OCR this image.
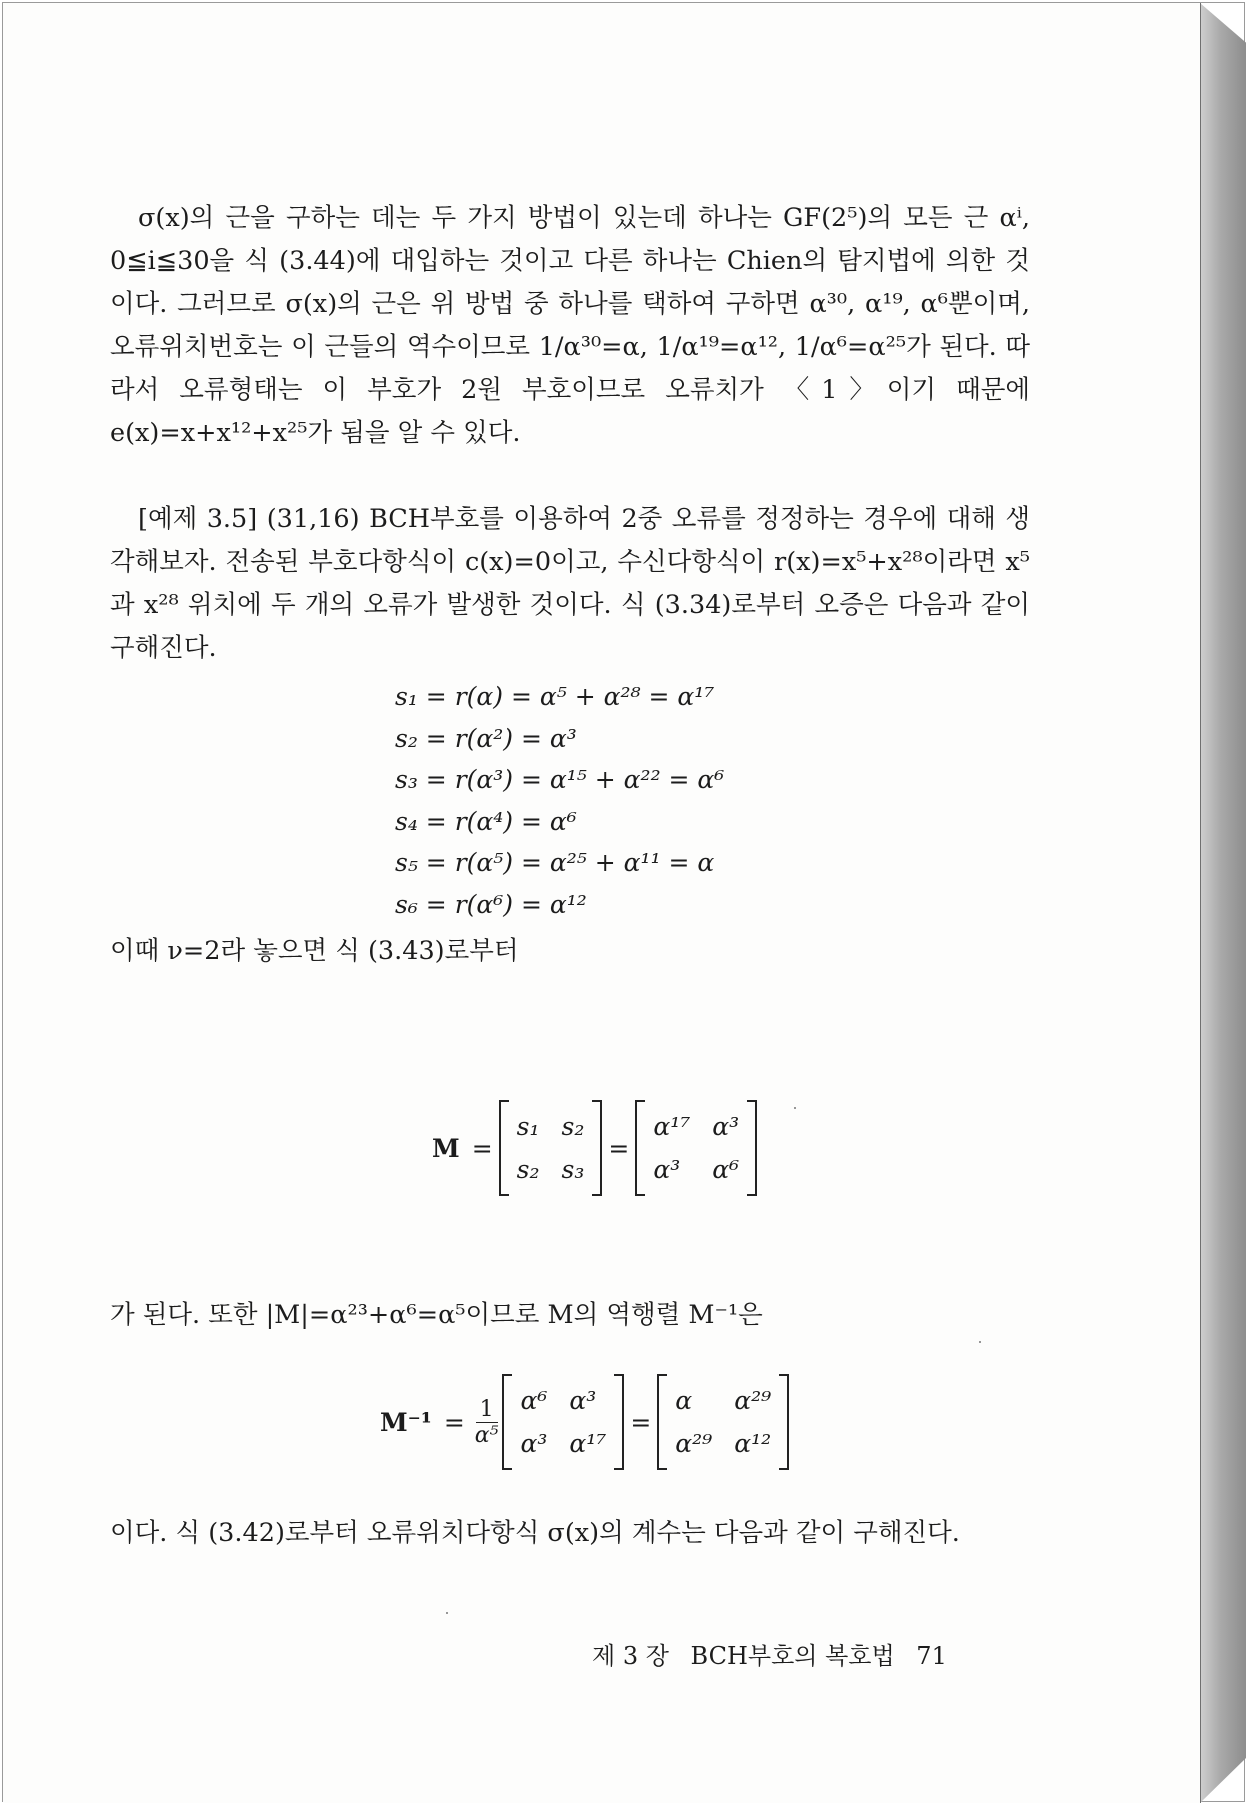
σ(x)의 근을 구하는 데는 두 가지 방법이 있는데 하나는 GF(2⁵)의 모든 근 αⁱ, 0≦i≦30을 식 (3.44)에 대입하는 것이고 다른 하나는 Chien의 탐지법에 의한 것이다. 그러므로 σ(x)의 근은 위 방법 중 하나를 택하여 구하면 α³⁰, α¹⁹, α⁶뿐이며, 오류위치번호는 이 근들의 역수이므로 1/α³⁰=α, 1/α¹⁹=α¹², 1/α⁶=α²⁵가 된다. 따라서 오류형태는 이 부호가 2원 부호이므로 오류치가 〈1〉이기 때문에 e(x)=x+x¹²+x²⁵가 됨을 알 수 있다.

[예제 3.5] (31,16) BCH부호를 이용하여 2중 오류를 정정하는 경우에 대해 생각해보자. 전송된 부호다항식이 c(x)=0이고, 수신다항식이 r(x)=x⁵+x²⁸이라면 x⁵과 x²⁸ 위치에 두 개의 오류가 발생한 것이다. 식 (3.34)로부터 오증은 다음과 같이 구해진다.

s₁ = r(α) = α⁵ + α²⁸ = α¹⁷
s₂ = r(α²) = α³
s₃ = r(α³) = α¹⁵ + α²² = α⁶
s₄ = r(α⁴) = α⁶
s₅ = r(α⁵) = α²⁵ + α¹¹ = α
s₆ = r(α⁶) = α¹²

이때 ν=2라 놓으면 식 (3.43)로부터

M =
s₁ s₂
s₂ s₃
=
α¹⁷ α³
α³	α⁶

가 된다. 또한 |M|=α²³+α⁶=α⁵이므로 M의 역행렬 M⁻¹은

$M^{-1} = \frac{1}{\text{α⁵}} \alpha^6$ α³
α³ α¹⁷
=
α	α²⁹
α²⁹ α¹²

이다. 식 (3.42)로부터 오류위치다항식 σ(x)의 계수는 다음과 같이 구해진다.

제 3 장 BCH부호의 복호법 71
